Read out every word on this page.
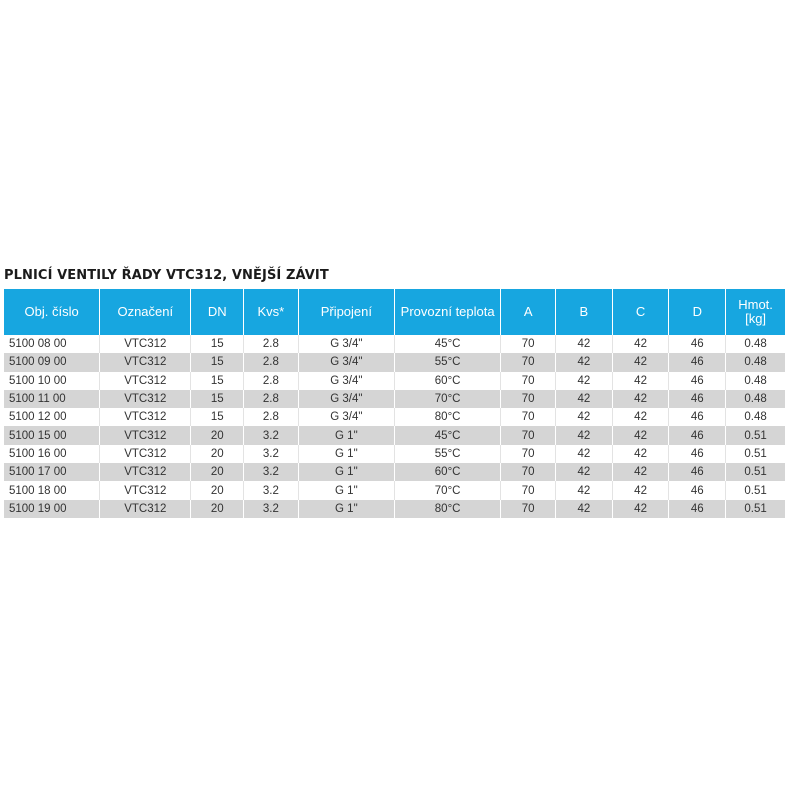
PLNICÍ VENTILY ŘADY VTC312, VNĚJŠÍ ZÁVIT
Obj. číslo	Označení	DN	Kvs*	Připojení	Provozní teplota	A	B	C	D	Hmot. [kg]
5100 08 00	VTC312	15	2.8	G 3/4"	45°C	70	42	42	46	0.48
5100 09 00	VTC312	15	2.8	G 3/4"	55°C	70	42	42	46	0.48
5100 10 00	VTC312	15	2.8	G 3/4"	60°C	70	42	42	46	0.48
5100 11 00	VTC312	15	2.8	G 3/4"	70°C	70	42	42	46	0.48
5100 12 00	VTC312	15	2.8	G 3/4"	80°C	70	42	42	46	0.48
5100 15 00	VTC312	20	3.2	G 1"	45°C	70	42	42	46	0.51
5100 16 00	VTC312	20	3.2	G 1"	55°C	70	42	42	46	0.51
5100 17 00	VTC312	20	3.2	G 1"	60°C	70	42	42	46	0.51
5100 18 00	VTC312	20	3.2	G 1"	70°C	70	42	42	46	0.51
5100 19 00	VTC312	20	3.2	G 1"	80°C	70	42	42	46	0.51
